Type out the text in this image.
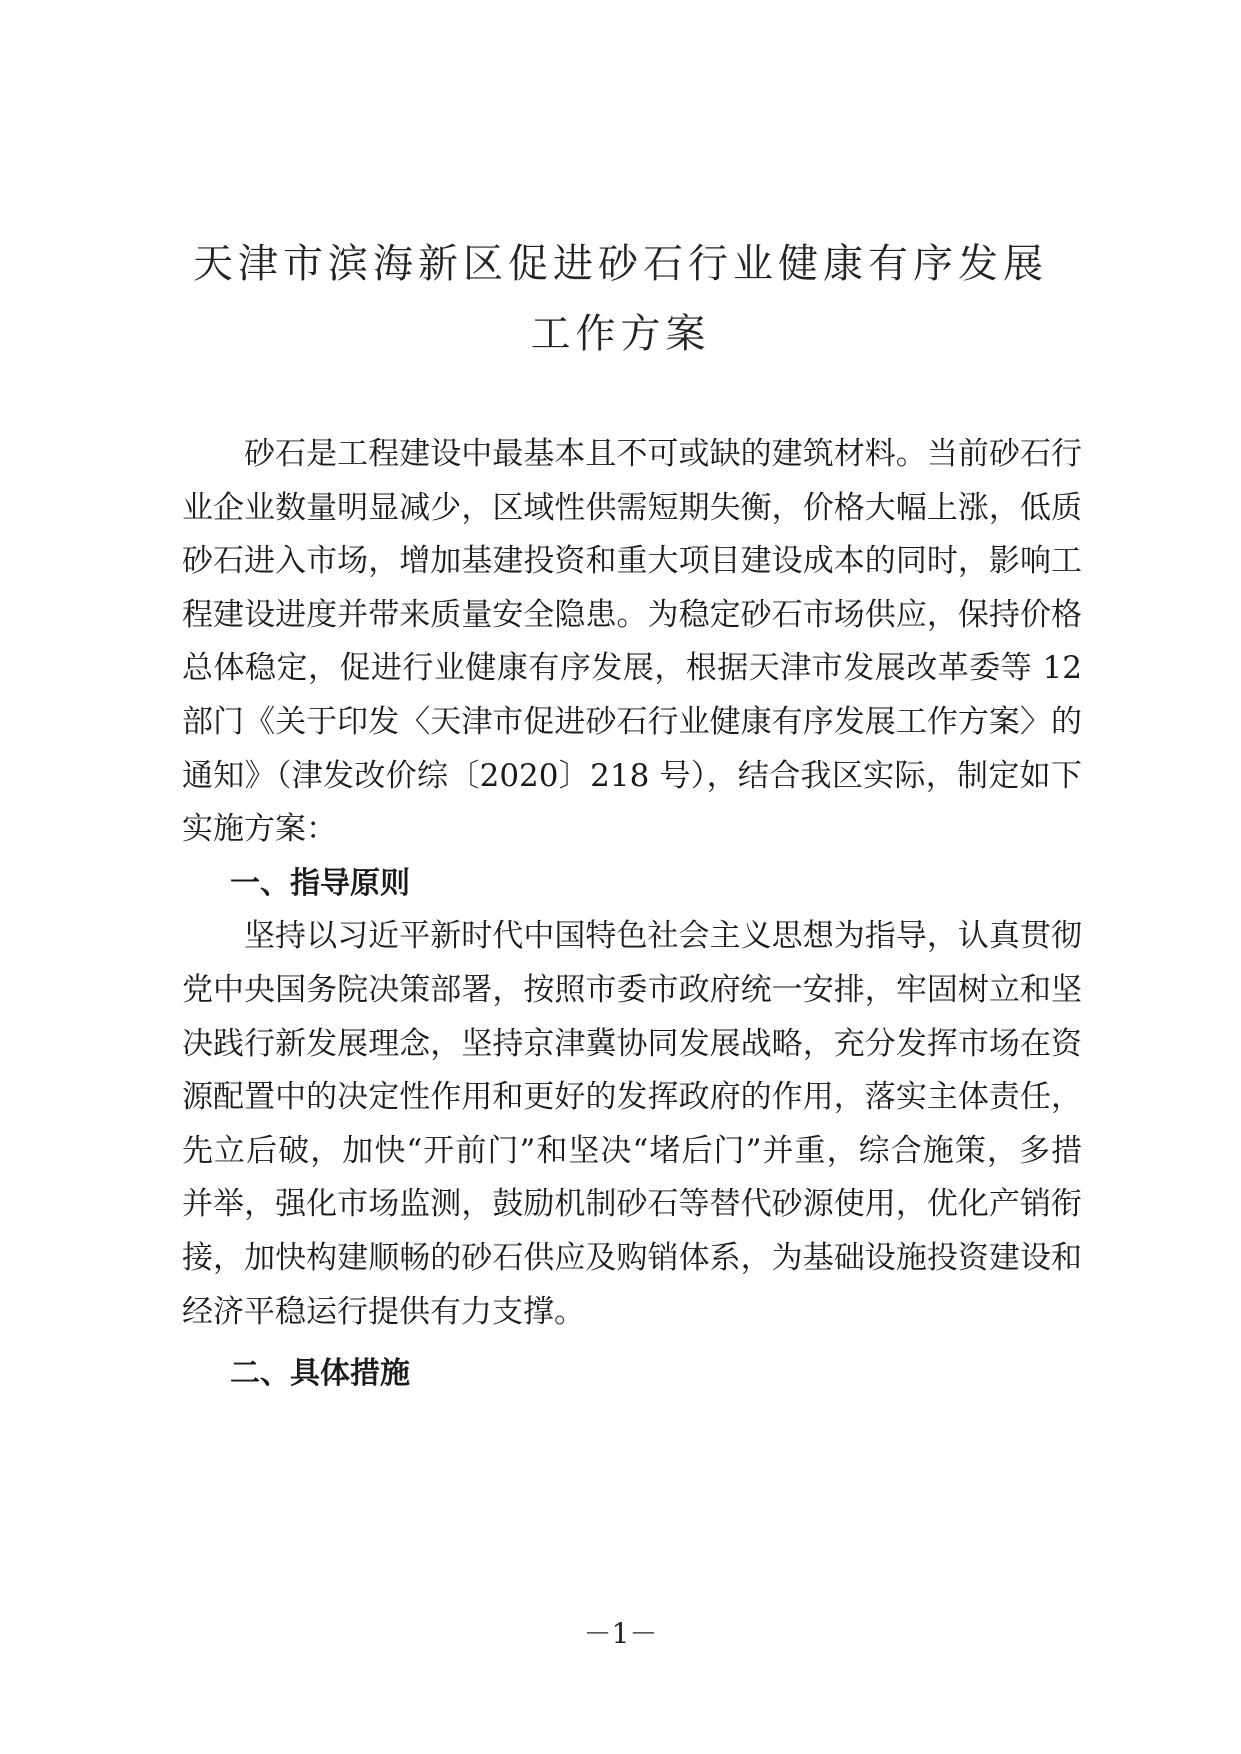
天津市滨海新区促进砂石行业健康有序发展
工作方案

砂石是工程建设中最基本且不可或缺的建筑材料。当前砂石行业企业数量明显减少，区域性供需短期失衡，价格大幅上涨，低质砂石进入市场，增加基建投资和重大项目建设成本的同时，影响工程建设进度并带来质量安全隐患。为稳定砂石市场供应，保持价格总体稳定，促进行业健康有序发展，根据天津市发展改革委等 12 部门《关于印发〈天津市促进砂石行业健康有序发展工作方案〉的通知》（津发改价综〔2020〕218 号），结合我区实际，制定如下实施方案：

一、指导原则

坚持以习近平新时代中国特色社会主义思想为指导，认真贯彻党中央国务院决策部署，按照市委市政府统一安排，牢固树立和坚决践行新发展理念，坚持京津冀协同发展战略，充分发挥市场在资源配置中的决定性作用和更好的发挥政府的作用，落实主体责任，先立后破，加快“开前门”和坚决“堵后门”并重，综合施策，多措并举，强化市场监测，鼓励机制砂石等替代砂源使用，优化产销衔接，加快构建顺畅的砂石供应及购销体系，为基础设施投资建设和经济平稳运行提供有力支撑。

二、具体措施

－1－
